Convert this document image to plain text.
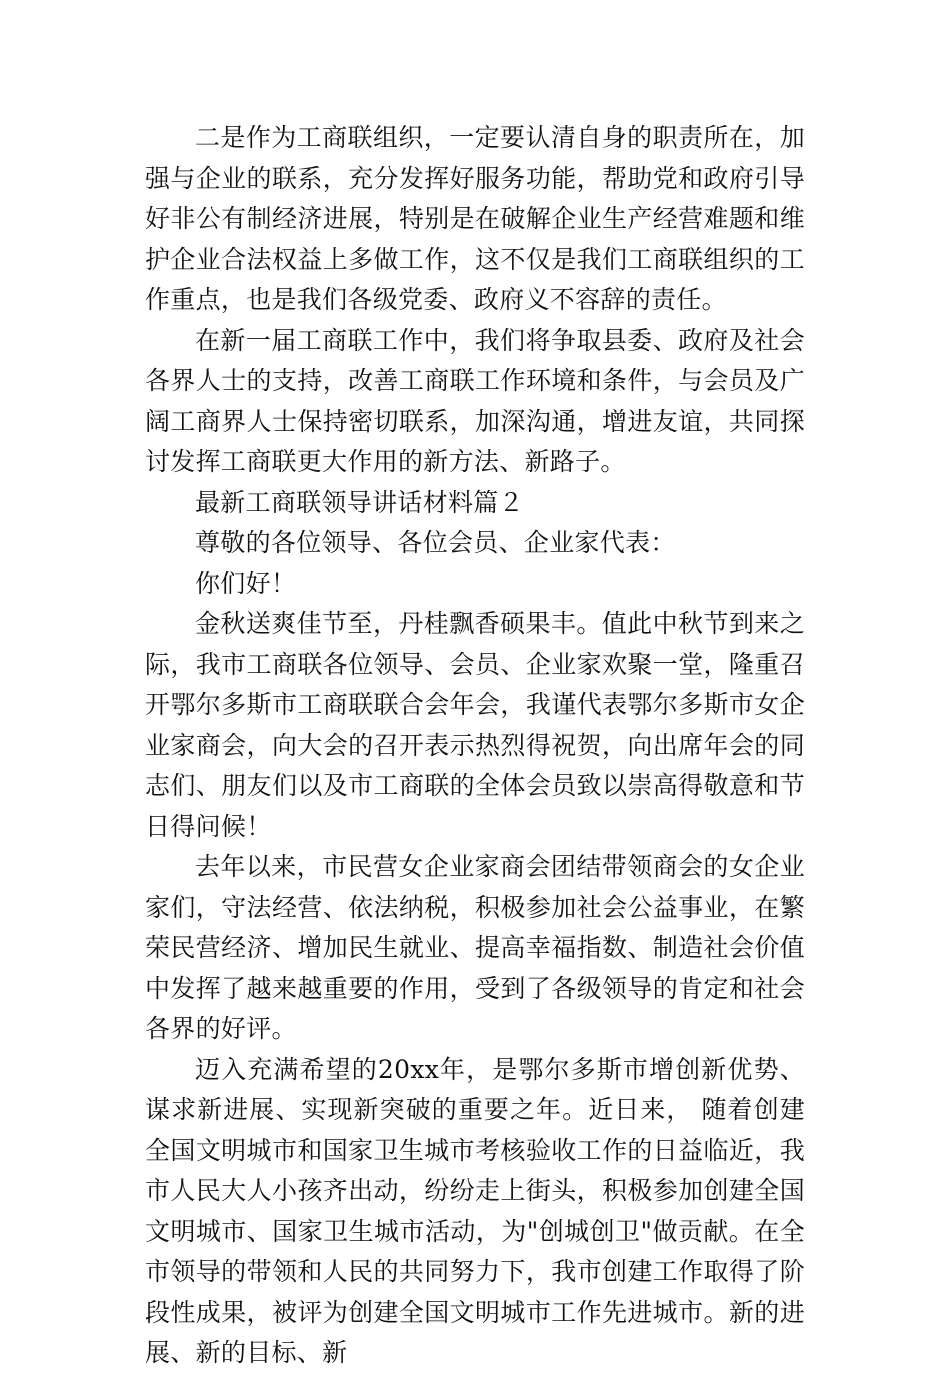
二是作为工商联组织，一定要认清自身的职责所在，加强与企业的联系，充分发挥好服务功能，帮助党和政府引导好非公有制经济进展，特别是在破解企业生产经营难题和维护企业合法权益上多做工作，这不仅是我们工商联组织的工作重点，也是我们各级党委、政府义不容辞的责任。

在新一届工商联工作中，我们将争取县委、政府及社会各界人士的支持，改善工商联工作环境和条件，与会员及广阔工商界人士保持密切联系，加深沟通，增进友谊，共同探讨发挥工商联更大作用的新方法、新路子。

最新工商联领导讲话材料篇２

尊敬的各位领导、各位会员、企业家代表：

你们好！

金秋送爽佳节至，丹桂飘香硕果丰。值此中秋节到来之际，我市工商联各位领导、会员、企业家欢聚一堂，隆重召开鄂尔多斯市工商联联合会年会，我谨代表鄂尔多斯市女企业家商会，向大会的召开表示热烈得祝贺，向出席年会的同志们、朋友们以及市工商联的全体会员致以崇高得敬意和节日得问候！

去年以来，市民营女企业家商会团结带领商会的女企业家们，守法经营、依法纳税，积极参加社会公益事业，在繁荣民营经济、增加民生就业、提高幸福指数、制造社会价值中发挥了越来越重要的作用，受到了各级领导的肯定和社会各界的好评。

迈入充满希望的20xx年，是鄂尔多斯市增创新优势、谋求新进展、实现新突破的重要之年。近日来， 随着创建全国文明城市和国家卫生城市考核验收工作的日益临近，我市人民大人小孩齐出动，纷纷走上街头，积极参加创建全国文明城市、国家卫生城市活动，为"创城创卫"做贡献。在全市领导的带领和人民的共同努力下，我市创建工作取得了阶段性成果，被评为创建全国文明城市工作先进城市。新的进展、新的目标、新
